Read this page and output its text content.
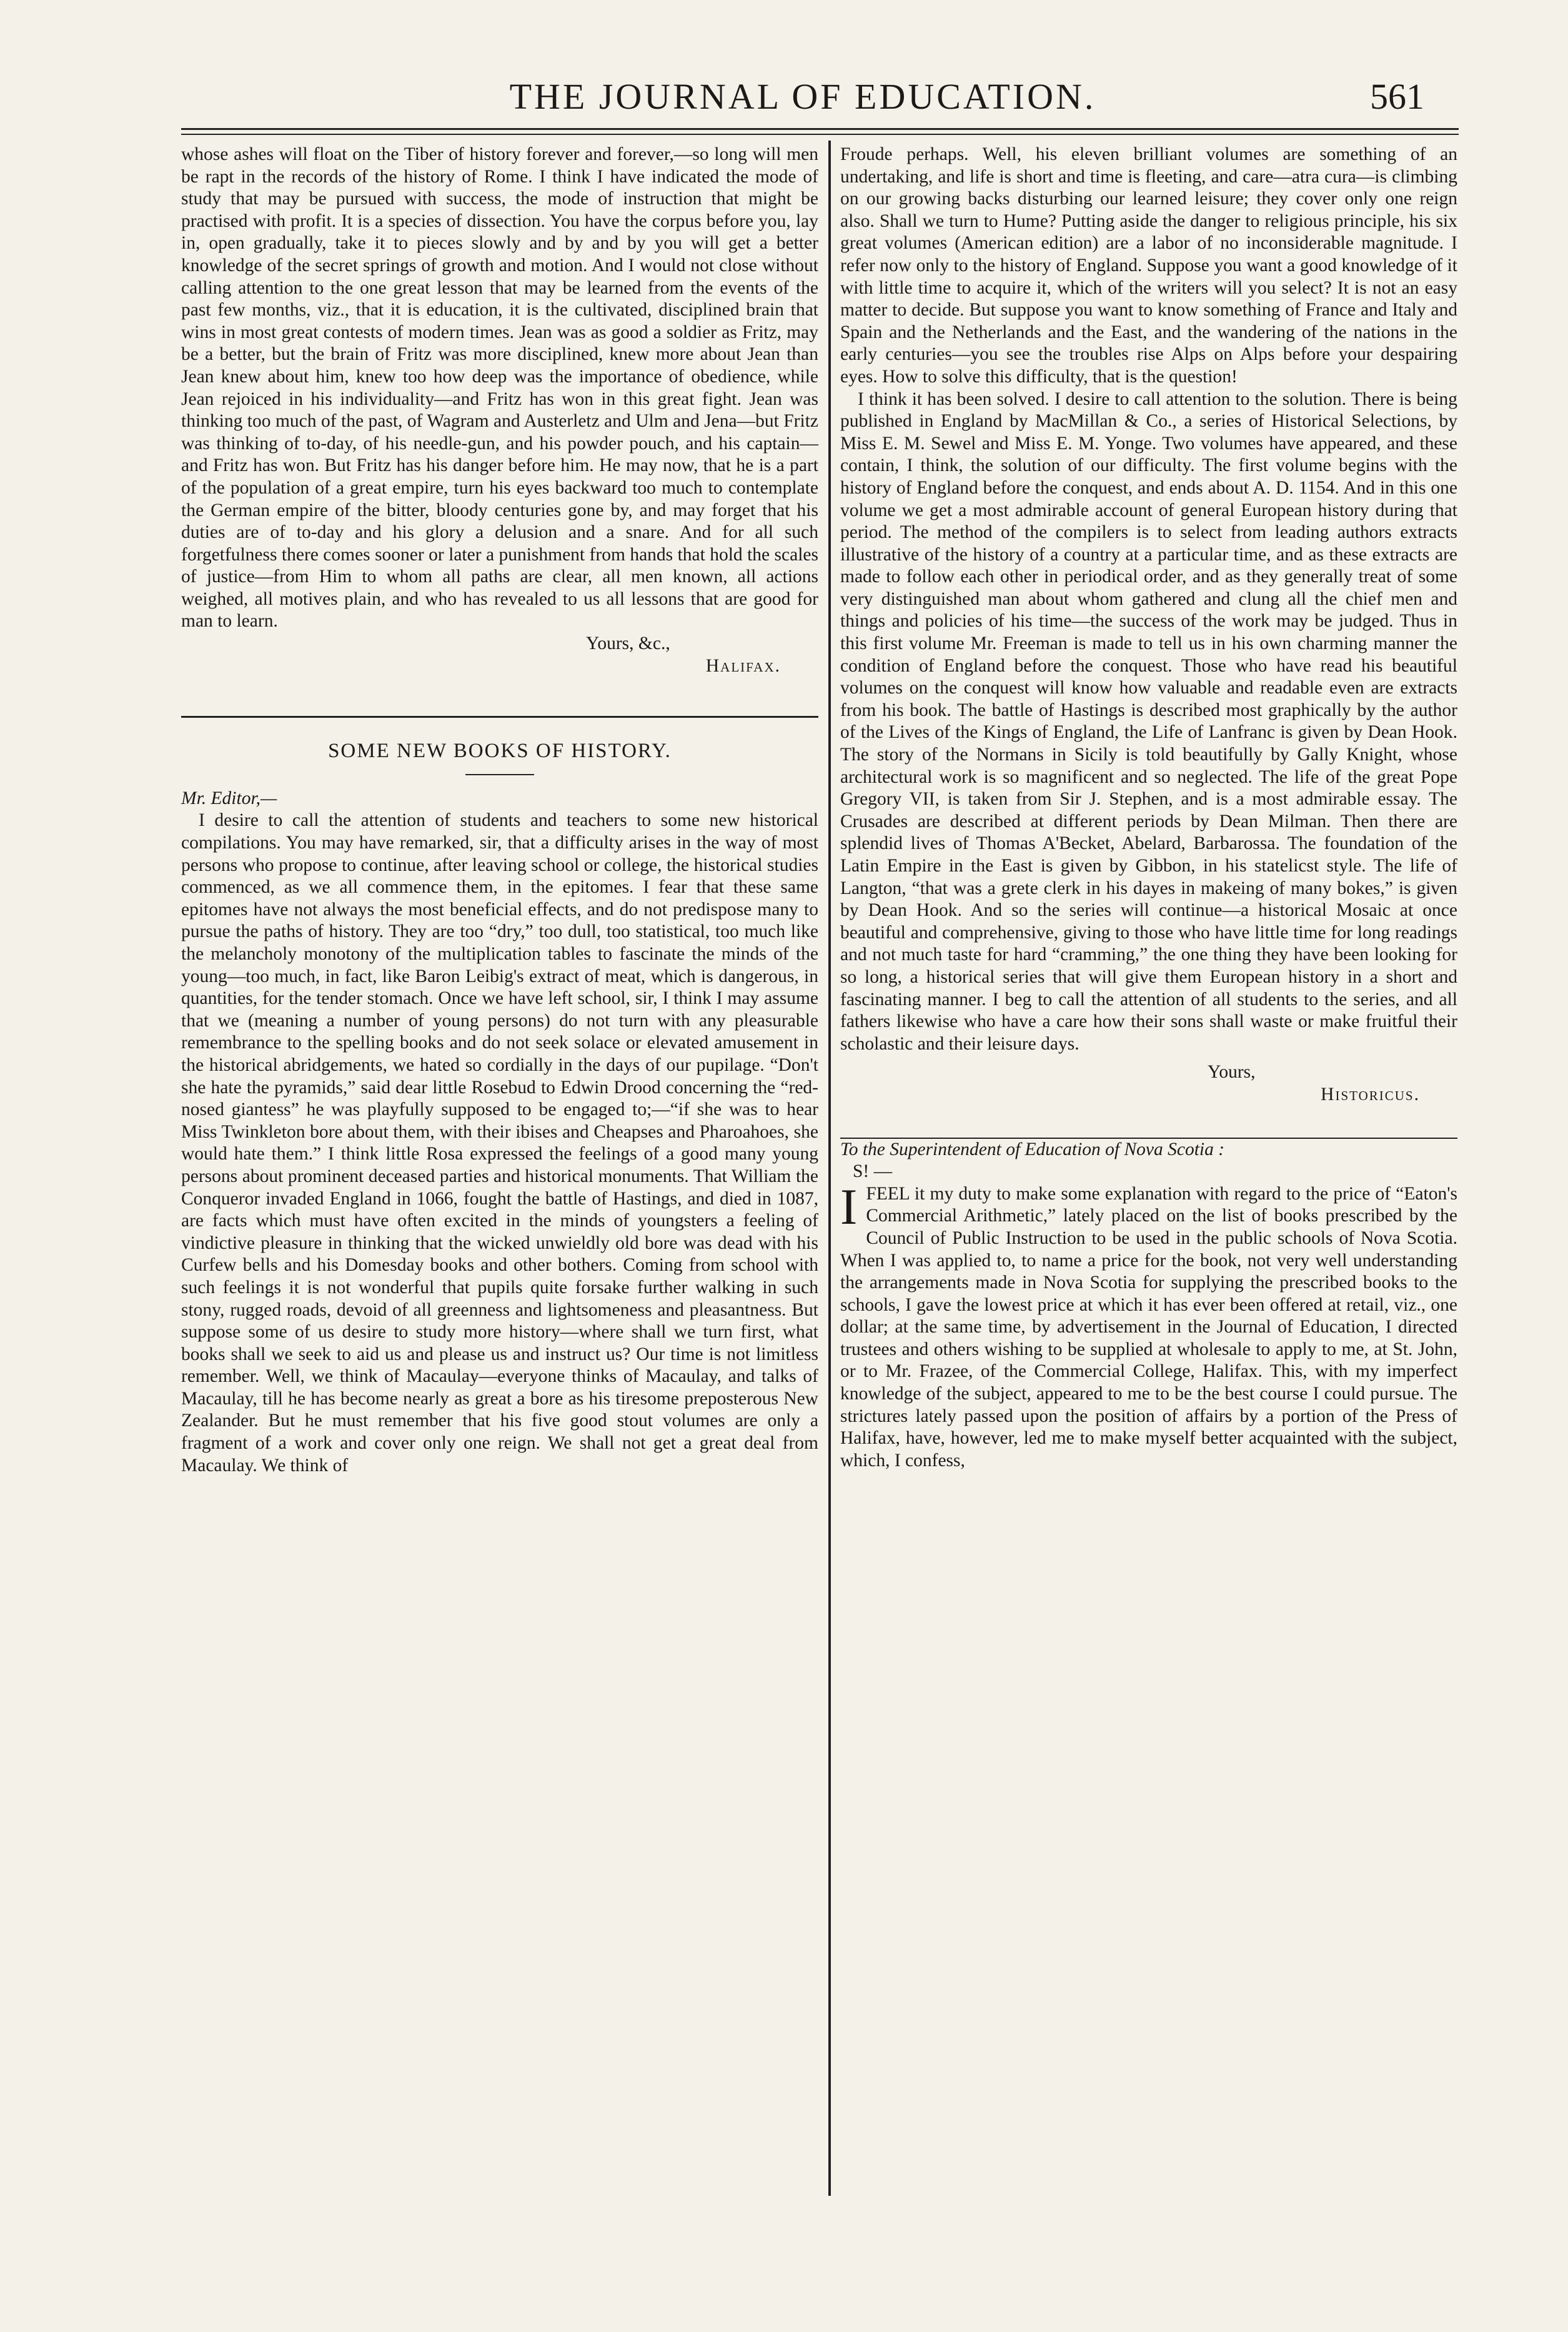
THE JOURNAL OF EDUCATION.	561

whose ashes will float on the Tiber of history forever and forever,—so long will men be rapt in the records of the history of Rome. I think I have indicated the mode of study that may be pursued with success, the mode of instruction that might be practised with profit. It is a species of dissection. You have the corpus before you, lay in, open gradually, take it to pieces slowly and by and by you will get a better knowledge of the secret springs of growth and motion. And I would not close without calling attention to the one great lesson that may be learned from the events of the past few months, viz., that it is education, it is the cultivated, disciplined brain that wins in most great contests of modern times. Jean was as good a soldier as Fritz, may be a better, but the brain of Fritz was more disciplined, knew more about Jean than Jean knew about him, knew too how deep was the importance of obedience, while Jean rejoiced in his individuality—and Fritz has won in this great fight. Jean was thinking too much of the past, of Wagram and Austerletz and Ulm and Jena—but Fritz was thinking of to-day, of his needle-gun, and his powder pouch, and his captain—and Fritz has won. But Fritz has his danger before him. He may now, that he is a part of the population of a great empire, turn his eyes backward too much to contemplate the German empire of the bitter, bloody centuries gone by, and may forget that his duties are of to-day and his glory a delusion and a snare. And for all such forgetfulness there comes sooner or later a punishment from hands that hold the scales of justice—from Him to whom all paths are clear, all men known, all actions weighed, all motives plain, and who has revealed to us all lessons that are good for man to learn.

Yours, &c.,

Halifax.

SOME NEW BOOKS OF HISTORY.

Mr. Editor,—

I desire to call the attention of students and teachers to some new historical compilations. You may have remarked, sir, that a difficulty arises in the way of most persons who propose to continue, after leaving school or college, the historical studies commenced, as we all commence them, in the epitomes. I fear that these same epitomes have not always the most beneficial effects, and do not predispose many to pursue the paths of history. They are too “dry,” too dull, too statistical, too much like the melancholy monotony of the multiplication tables to fascinate the minds of the young—too much, in fact, like Baron Leibig's extract of meat, which is dangerous, in quantities, for the tender stomach. Once we have left school, sir, I think I may assume that we (meaning a number of young persons) do not turn with any pleasurable remembrance to the spelling books and do not seek solace or elevated amusement in the historical abridgements, we hated so cordially in the days of our pupilage. “Don't she hate the pyramids,” said dear little Rosebud to Edwin Drood concerning the “red-nosed giantess” he was playfully supposed to be engaged to;—“if she was to hear Miss Twinkleton bore about them, with their ibises and Cheapses and Pharoahoes, she would hate them.” I think little Rosa expressed the feelings of a good many young persons about prominent deceased parties and historical monuments. That William the Conqueror invaded England in 1066, fought the battle of Hastings, and died in 1087, are facts which must have often excited in the minds of youngsters a feeling of vindictive pleasure in thinking that the wicked unwieldly old bore was dead with his Curfew bells and his Domesday books and other bothers. Coming from school with such feelings it is not wonderful that pupils quite forsake further walking in such stony, rugged roads, devoid of all greenness and lightsomeness and pleasantness. But suppose some of us desire to study more history—where shall we turn first, what books shall we seek to aid us and please us and instruct us? Our time is not limitless remember. Well, we think of Macaulay—everyone thinks of Macaulay, and talks of Macaulay, till he has become nearly as great a bore as his tiresome preposterous New Zealander. But he must remember that his five good stout volumes are only a fragment of a work and cover only one reign. We shall not get a great deal from Macaulay. We think of

Froude perhaps. Well, his eleven brilliant volumes are something of an undertaking, and life is short and time is fleeting, and care—atra cura—is climbing on our growing backs disturbing our learned leisure; they cover only one reign also. Shall we turn to Hume? Putting aside the danger to religious principle, his six great volumes (American edition) are a labor of no inconsiderable magnitude. I refer now only to the history of England. Suppose you want a good knowledge of it with little time to acquire it, which of the writers will you select? It is not an easy matter to decide. But suppose you want to know something of France and Italy and Spain and the Netherlands and the East, and the wandering of the nations in the early centuries—you see the troubles rise Alps on Alps before your despairing eyes. How to solve this difficulty, that is the question!

I think it has been solved. I desire to call attention to the solution. There is being published in England by MacMillan & Co., a series of Historical Selections, by Miss E. M. Sewel and Miss E. M. Yonge. Two volumes have appeared, and these contain, I think, the solution of our difficulty. The first volume begins with the history of England before the conquest, and ends about A. D. 1154. And in this one volume we get a most admirable account of general European history during that period. The method of the compilers is to select from leading authors extracts illustrative of the history of a country at a particular time, and as these extracts are made to follow each other in periodical order, and as they generally treat of some very distinguished man about whom gathered and clung all the chief men and things and policies of his time—the success of the work may be judged. Thus in this first volume Mr. Freeman is made to tell us in his own charming manner the condition of England before the conquest. Those who have read his beautiful volumes on the conquest will know how valuable and readable even are extracts from his book. The battle of Hastings is described most graphically by the author of the Lives of the Kings of England, the Life of Lanfranc is given by Dean Hook. The story of the Normans in Sicily is told beautifully by Gally Knight, whose architectural work is so magnificent and so neglected. The life of the great Pope Gregory VII, is taken from Sir J. Stephen, and is a most admirable essay. The Crusades are described at different periods by Dean Milman. Then there are splendid lives of Thomas A'Becket, Abelard, Barbarossa. The foundation of the Latin Empire in the East is given by Gibbon, in his statelicst style. The life of Langton, “that was a grete clerk in his dayes in makeing of many bokes,” is given by Dean Hook. And so the series will continue—a historical Mosaic at once beautiful and comprehensive, giving to those who have little time for long readings and not much taste for hard “cramming,” the one thing they have been looking for so long, a historical series that will give them European history in a short and fascinating manner. I beg to call the attention of all students to the series, and all fathers likewise who have a care how their sons shall waste or make fruitful their scholastic and their leisure days.

Yours,

Historicus.

To the Superintendent of Education of Nova Scotia :

S! —

IFEEL it my duty to make some explanation with regard to the price of “Eaton's Commercial Arithmetic,” lately placed on the list of books prescribed by the Council of Public Instruction to be used in the public schools of Nova Scotia. When I was applied to, to name a price for the book, not very well understanding the arrangements made in Nova Scotia for supplying the prescribed books to the schools, I gave the lowest price at which it has ever been offered at retail, viz., one dollar; at the same time, by advertisement in the Journal of Education, I directed trustees and others wishing to be supplied at wholesale to apply to me, at St. John, or to Mr. Frazee, of the Commercial College, Halifax. This, with my imperfect knowledge of the subject, appeared to me to be the best course I could pursue. The strictures lately passed upon the position of affairs by a portion of the Press of Halifax, have, however, led me to make myself better acquainted with the subject, which, I confess,
